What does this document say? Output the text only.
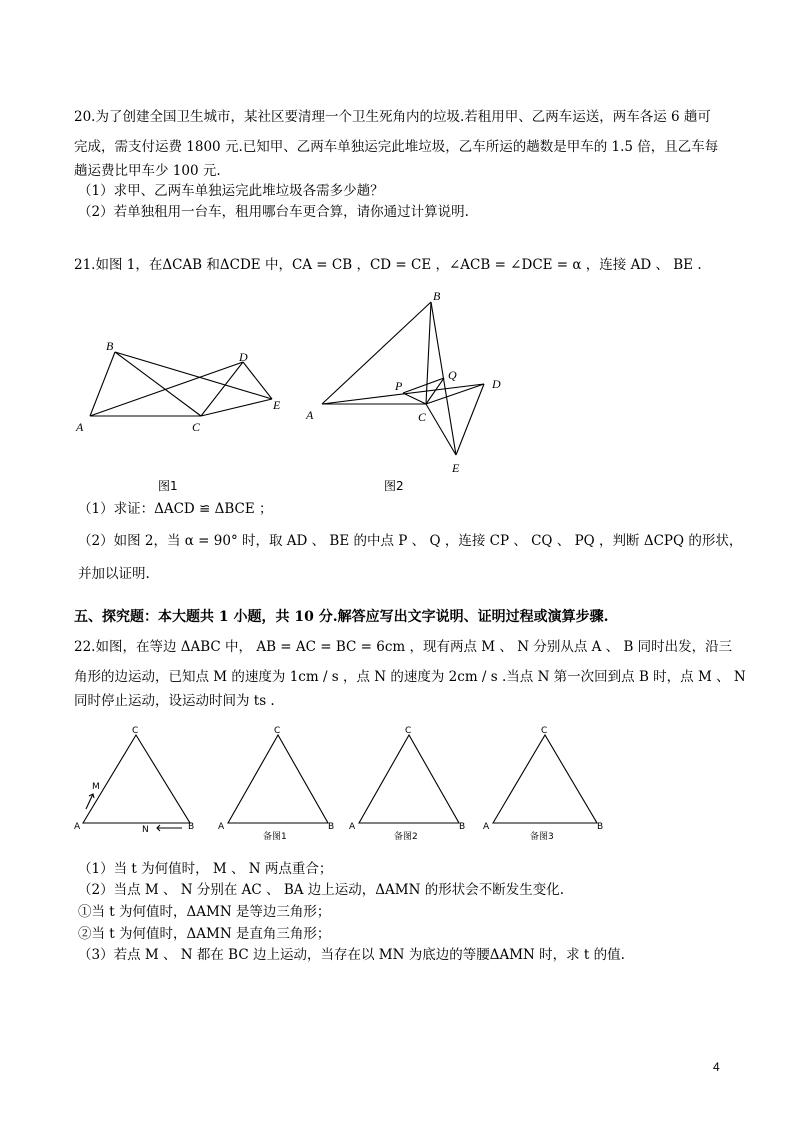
20.为了创建全国卫生城市，某社区要清理一个卫生死角内的垃圾.若租用甲、乙两车运送，两车各运 6 趟可
完成，需支付运费 1800 元.已知甲、乙两车单独运完此堆垃圾，乙车所运的趟数是甲车的 1.5 倍，且乙车每
趟运费比甲车少 100 元.
（1）求甲、乙两车单独运完此堆垃圾各需多少趟？
（2）若单独租用一台车，租用哪台车更合算，请你通过计算说明.
21.如图 1，在ΔCAB 和ΔCDE 中，CA = CB ，CD = CE ，∠ACB = ∠DCE = α ，连接 AD 、 BE .
A
B
C
D
E
图1
A
B
C
D
E
P
Q
图2
（1）求证：ΔACD ≌ ΔBCE ；
（2）如图 2，当 α = 90° 时，取 AD 、 BE 的中点 P 、 Q ，连接 CP 、 CQ 、 PQ ，判断 ΔCPQ 的形状，
并加以证明.
五、探究题：本大题共 1 小题，共 10 分.解答应写出文字说明、证明过程或演算步骤.
22.如图，在等边 ΔABC 中， AB = AC = BC = 6cm ，现有两点 M 、 N 分别从点 A 、 B 同时出发，沿三
角形的边运动，已知点 M 的速度为 1cm / s ，点 N 的速度为 2cm / s .当点 N 第一次回到点 B 时，点 M 、 N
同时停止运动，设运动时间为 ts .
C
A	B
M
N
C
A	B
备图1
C
A	B
备图2
C
A	B
备图3
（1）当 t 为何值时， M 、 N 两点重合；
（2）当点 M 、 N 分别在 AC 、 BA 边上运动，ΔAMN 的形状会不断发生变化.
①当 t 为何值时，ΔAMN 是等边三角形；
②当 t 为何值时，ΔAMN 是直角三角形；
（3）若点 M 、 N 都在 BC 边上运动，当存在以 MN 为底边的等腰ΔAMN 时，求 t 的值.
4
